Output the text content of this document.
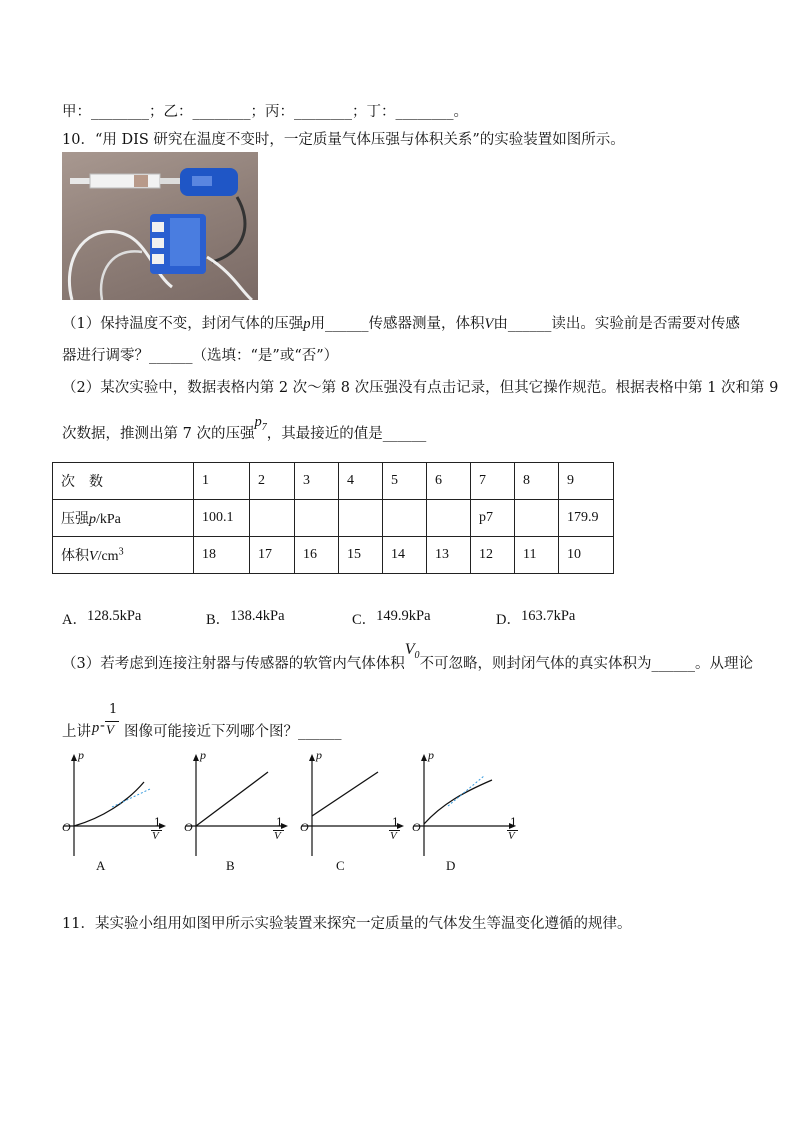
甲：________；乙：________；丙：________；丁：________。
10．“用 DIS 研究在温度不变时，一定质量气体压强与体积关系”的实验装置如图所示。
（1）保持温度不变，封闭气体的压强p用______传感器测量，体积V由______读出。实验前是否需要对传感
器进行调零？______（选填：“是”或“否”）
（2）某次实验中，数据表格内第 2 次～第 8 次压强没有点击记录，但其它操作规范。根据表格中第 1 次和第 9
次数据，推测出第 7 次的压强$p_7$，其最接近的值是______
次　数	1	2	3	4	5	6	7	8	9
压强p/kPa	100.1						p7		179.9
体积$V/cm^3$	18	17	16	15	14	13	12	11	10
A．128.5kPa	B．138.4kPa	C．149.9kPa	D．163.7kPa
（3）若考虑到连接注射器与传感器的软管内气体体积$V_0$不可忽略，则封闭气体的真实体积为______。从理论
上讲 p -
1
V 图像可能接近下列哪个图？______
p
O	1
V
A
p
O	1
V
B
p
O	1
V
C
p
O	1
V
D
11．某实验小组用如图甲所示实验装置来探究一定质量的气体发生等温变化遵循的规律。
